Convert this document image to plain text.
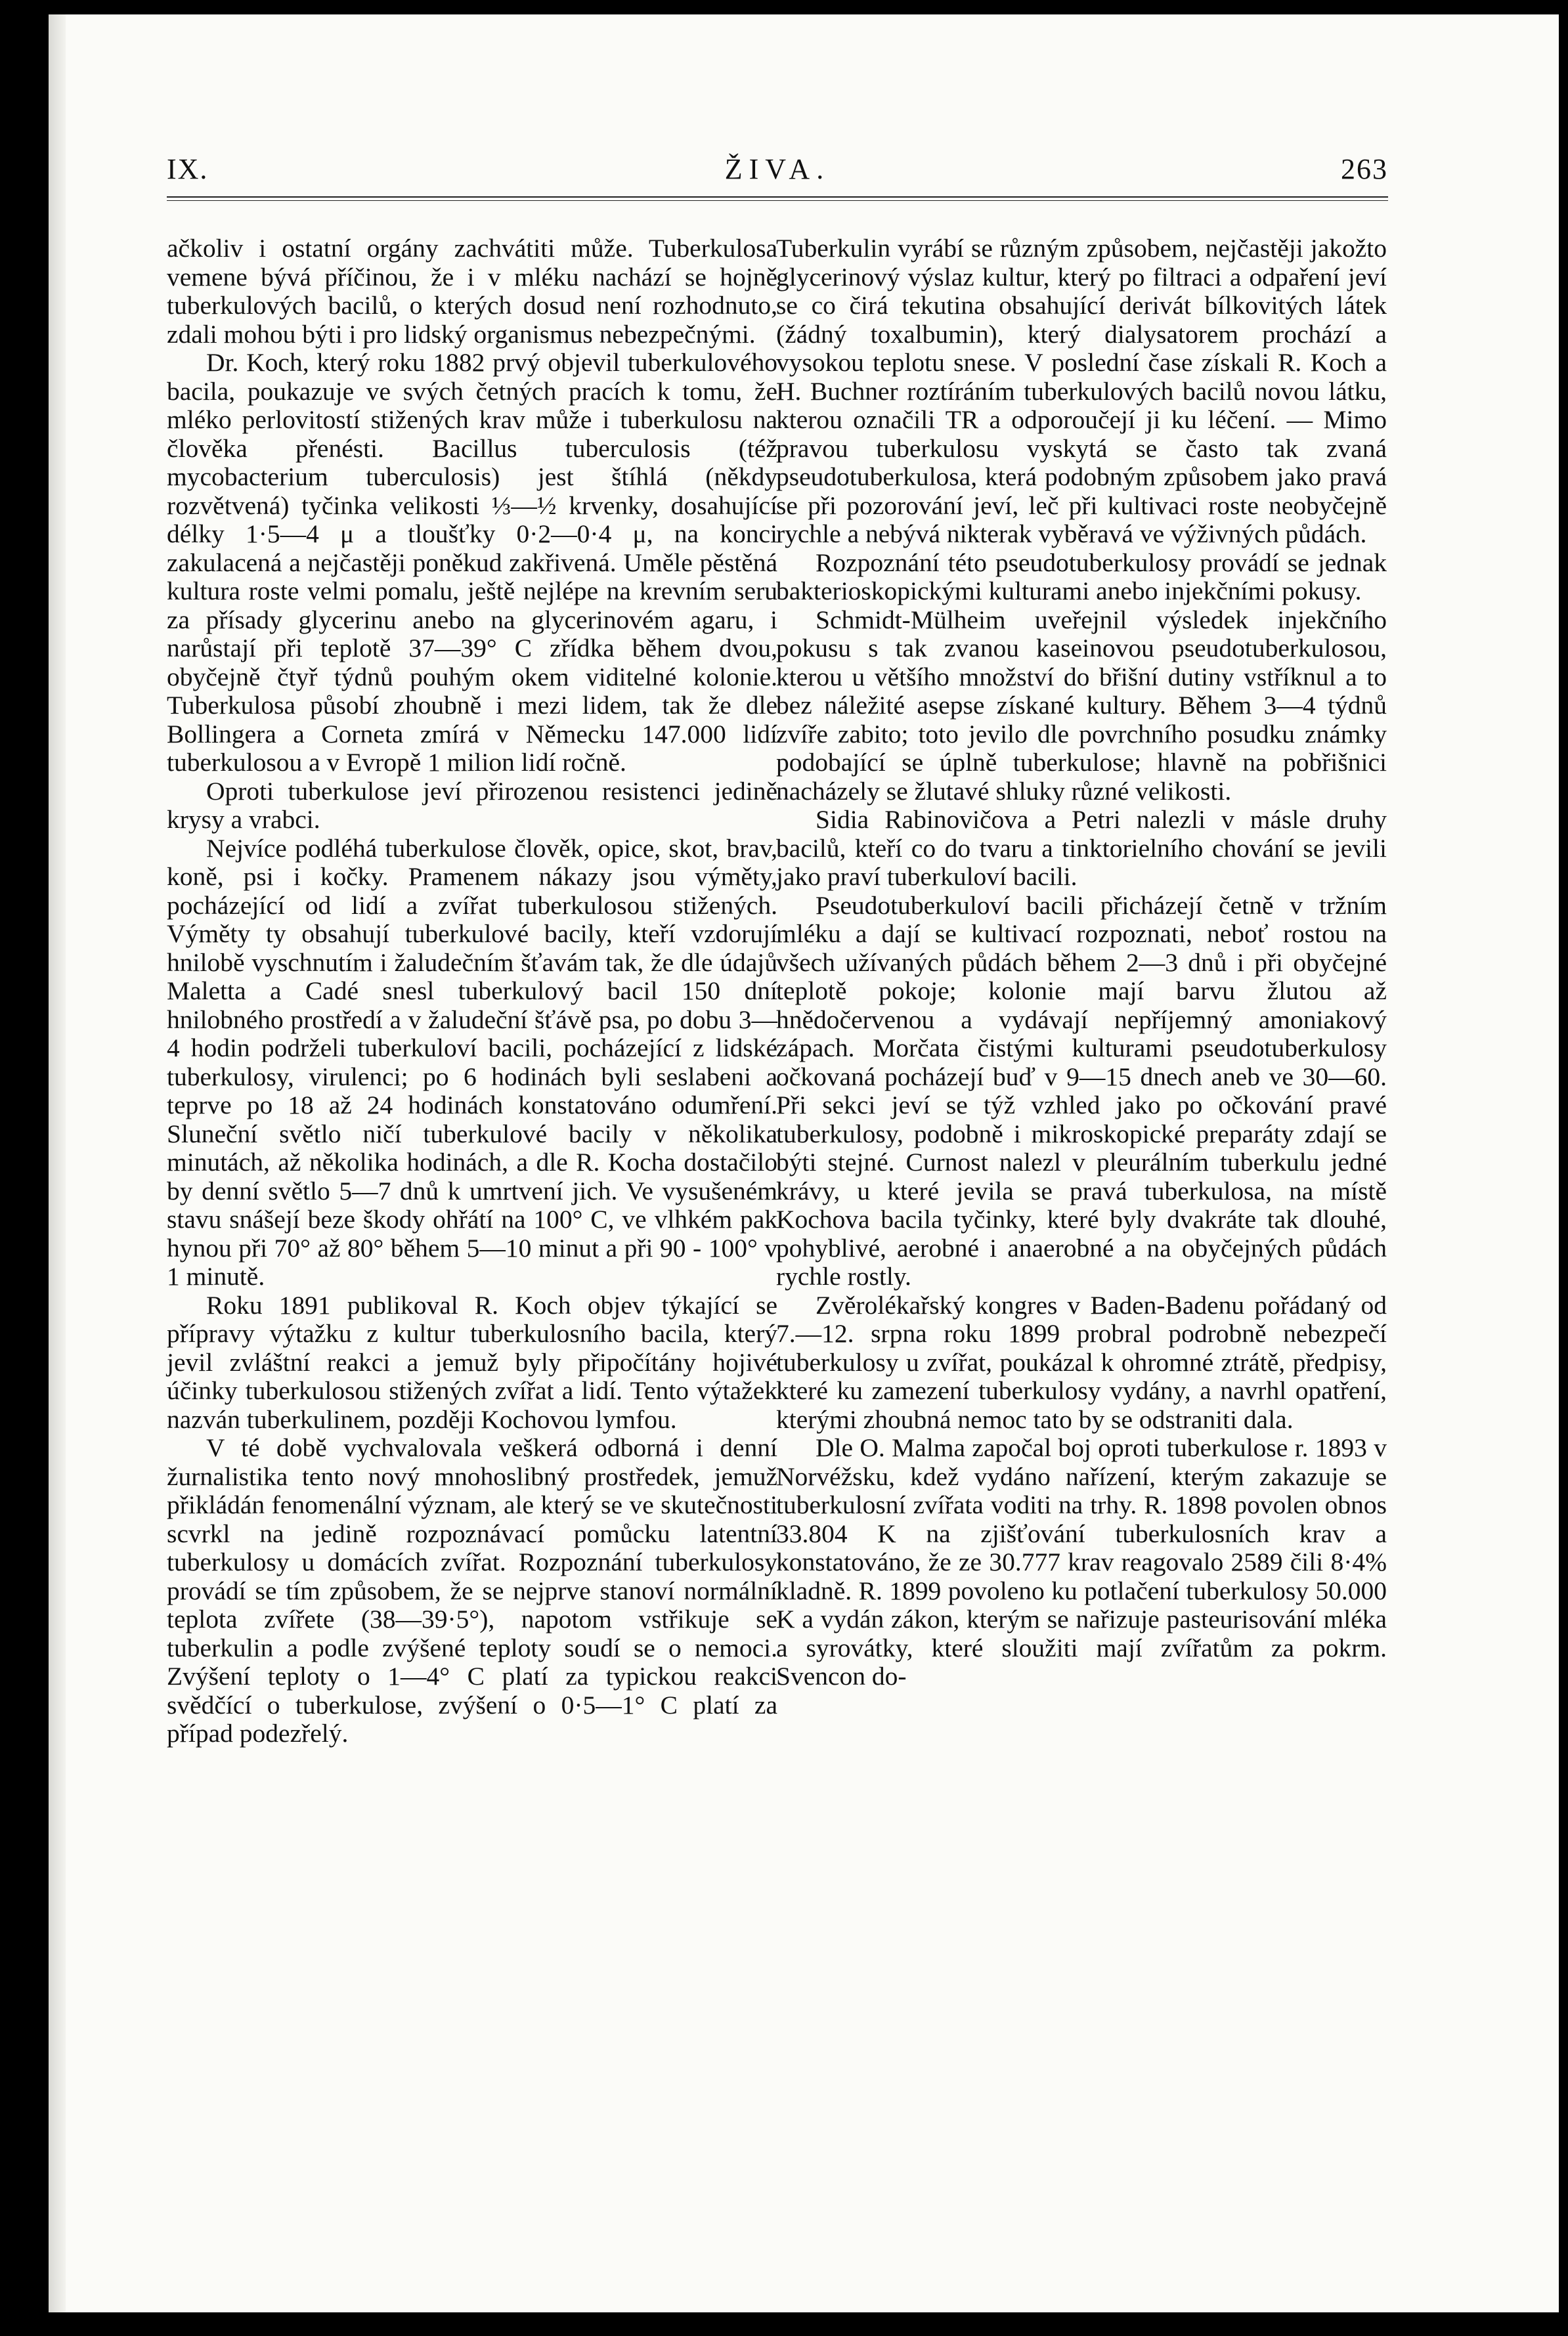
IX.	ŽIVA.	263

ačkoliv i ostatní orgány zachvátiti může. Tuberkulosa vemene bývá příčinou, že i v mléku nachází se hojně tuberkulových bacilů, o kterých dosud není rozhodnuto, zdali mohou býti i pro lidský organismus nebezpečnými.

Dr. Koch, který roku 1882 prvý objevil tuberkulového bacila, poukazuje ve svých četných pracích k tomu, že mléko perlovitostí stižených krav může i tuberkulosu na člověka přenésti. Bacillus tuberculosis (též mycobacterium tuberculosis) jest štíhlá (někdy rozvětvená) tyčinka velikosti ⅓—½ krvenky, dosahující délky 1·5—4 μ a tloušťky 0·2—0·4 μ, na konci zakulacená a nejčastěji poněkud zakřivená. Uměle pěstěná kultura roste velmi pomalu, ještě nejlépe na krevním seru za přísady glycerinu anebo na glycerinovém agaru, i narůstají při teplotě 37—39° C zřídka během dvou, obyčejně čtyř týdnů pouhým okem viditelné kolonie. Tuberkulosa působí zhoubně i mezi lidem, tak že dle Bollingera a Corneta zmírá v Německu 147.000 lidí tuberkulosou a v Evropě 1 milion lidí ročně.

Oproti tuberkulose jeví přirozenou resistenci jedině krysy a vrabci.

Nejvíce podléhá tuberkulose člověk, opice, skot, brav, koně, psi i kočky. Pramenem nákazy jsou výměty, pocházející od lidí a zvířat tuberkulosou stižených. Výměty ty obsahují tuberkulové bacily, kteří vzdorují hnilobě vyschnutím i žaludečním šťavám tak, že dle údajů Maletta a Cadé snesl tuberkulový bacil 150 dní hnilobného prostředí a v žaludeční šťávě psa, po dobu 3—4 hodin podrželi tuberkuloví bacili, pocházející z lidské tuberkulosy, virulenci; po 6 hodinách byli seslabeni a teprve po 18 až 24 hodinách konstatováno odumření. Sluneční světlo ničí tuberkulové bacily v několika minutách, až několika hodinách, a dle R. Kocha dostačilo by denní světlo 5—7 dnů k umrtvení jich. Ve vysušeném stavu snášejí beze škody ohřátí na 100° C, ve vlhkém pak hynou při 70° až 80° během 5—10 minut a při 90 - 100° v 1 minutě.

Roku 1891 publikoval R. Koch objev týkající se přípravy výtažku z kultur tuberkulosního bacila, který jevil zvláštní reakci a jemuž byly připočítány hojivé účinky tuberkulosou stižených zvířat a lidí. Tento výtažek nazván tuberkulinem, později Kochovou lymfou.

V té době vychvalovala veškerá odborná i denní žurnalistika tento nový mnohoslibný prostředek, jemuž přikládán fenomenální význam, ale který se ve skutečnosti scvrkl na jedině rozpoznávací pomůcku latentní tuberkulosy u domácích zvířat. Rozpoznání tuberkulosy provádí se tím způsobem, že se nejprve stanoví normální teplota zvířete (38—39·5°), napotom vstřikuje se tuberkulin a podle zvýšené teploty soudí se o nemoci. Zvýšení teploty o 1—4° C platí za typickou reakci svědčící o tuberkulose, zvýšení o 0·5—1° C platí za případ podezřelý.

Tuberkulin vyrábí se různým způsobem, nejčastěji jakožto glycerinový výslaz kultur, který po filtraci a odpaření jeví se co čirá tekutina obsahující derivát bílkovitých látek (žádný toxalbumin), který dialysatorem prochází a vysokou teplotu snese. V poslední čase získali R. Koch a H. Buchner roztíráním tuberkulových bacilů novou látku, kterou označili TR a odporoučejí ji ku léčení. — Mimo pravou tuberkulosu vyskytá se často tak zvaná pseudotuberkulosa, která podobným způsobem jako pravá se při pozorování jeví, leč při kultivaci roste neobyčejně rychle a nebývá nikterak vyběravá ve výživných půdách.

Rozpoznání této pseudotuberkulosy provádí se jednak bakterioskopickými kulturami anebo injekčními pokusy.

Schmidt-Mülheim uveřejnil výsledek injekčního pokusu s tak zvanou kaseinovou pseudotuberkulosou, kterou u většího množství do břišní dutiny vstříknul a to bez náležité asepse získané kultury. Během 3—4 týdnů zvíře zabito; toto jevilo dle povrchního posudku známky podobající se úplně tuberkulose; hlavně na pobřišnici nacházely se žlutavé shluky různé velikosti.

Sidia Rabinovičova a Petri nalezli v másle druhy bacilů, kteří co do tvaru a tinktorielního chování se jevili jako praví tuberkuloví bacili.

Pseudotuberkuloví bacili přicházejí četně v tržním mléku a dají se kultivací rozpoznati, neboť rostou na všech užívaných půdách během 2—3 dnů i při obyčejné teplotě pokoje; kolonie mají barvu žlutou až hnědočervenou a vydávají nepříjemný amoniakový zápach. Morčata čistými kulturami pseudotuberkulosy očkovaná pocházejí buď v 9—15 dnech aneb ve 30—60. Při sekci jeví se týž vzhled jako po očkování pravé tuberkulosy, podobně i mikroskopické preparáty zdají se býti stejné. Curnost nalezl v pleurálním tuberkulu jedné krávy, u které jevila se pravá tuberkulosa, na místě Kochova bacila tyčinky, které byly dvakráte tak dlouhé, pohyblivé, aerobné i anaerobné a na obyčejných půdách rychle rostly.

Zvěrolékařský kongres v Baden-Badenu pořádaný od 7.—12. srpna roku 1899 probral podrobně nebezpečí tuberkulosy u zvířat, poukázal k ohromné ztrátě, předpisy, které ku zamezení tuberkulosy vydány, a navrhl opatření, kterými zhoubná nemoc tato by se odstraniti dala.

Dle O. Malma započal boj oproti tuberkulose r. 1893 v Norvéžsku, kdež vydáno nařízení, kterým zakazuje se tuberkulosní zvířata voditi na trhy. R. 1898 povolen obnos 33.804 K na zjišťování tuberkulosních krav a konstatováno, že ze 30.777 krav reagovalo 2589 čili 8·4% kladně. R. 1899 povoleno ku potlačení tuberkulosy 50.000 K a vydán zákon, kterým se nařizuje pasteurisování mléka a syrovátky, které sloužiti mají zvířatům za pokrm. Svencon do-
